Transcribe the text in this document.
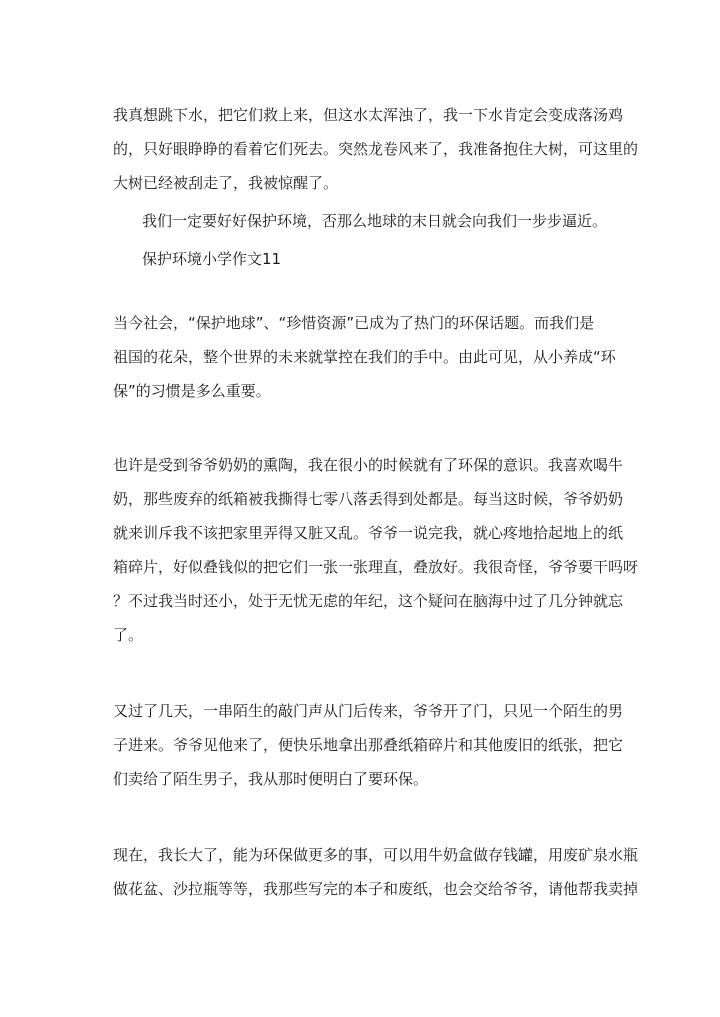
我真想跳下水，把它们救上来，但这水太浑浊了，我一下水肯定会变成落汤鸡
的，只好眼睁睁的看着它们死去。突然龙卷风来了，我准备抱住大树，可这里的
大树已经被刮走了，我被惊醒了。
我们一定要好好保护环境，否那么地球的末日就会向我们一步步逼近。
保护环境小学作文11
当今社会，“保护地球”、“珍惜资源”已成为了热门的环保话题。而我们是
祖国的花朵，整个世界的未来就掌控在我们的手中。由此可见，从小养成“环
保”的习惯是多么重要。
也许是受到爷爷奶奶的熏陶，我在很小的时候就有了环保的意识。我喜欢喝牛
奶，那些废弃的纸箱被我撕得七零八落丢得到处都是。每当这时候，爷爷奶奶
就来训斥我不该把家里弄得又脏又乱。爷爷一说完我，就心疼地拾起地上的纸
箱碎片，好似叠钱似的把它们一张一张理直，叠放好。我很奇怪，爷爷要干吗呀
？不过我当时还小，处于无忧无虑的年纪，这个疑问在脑海中过了几分钟就忘
了。
又过了几天，一串陌生的敲门声从门后传来，爷爷开了门，只见一个陌生的男
子进来。爷爷见他来了，便快乐地拿出那叠纸箱碎片和其他废旧的纸张，把它
们卖给了陌生男子，我从那时便明白了要环保。
现在，我长大了，能为环保做更多的事，可以用牛奶盒做存钱罐，用废矿泉水瓶
做花盆、沙拉瓶等等，我那些写完的本子和废纸，也会交给爷爷，请他帮我卖掉
